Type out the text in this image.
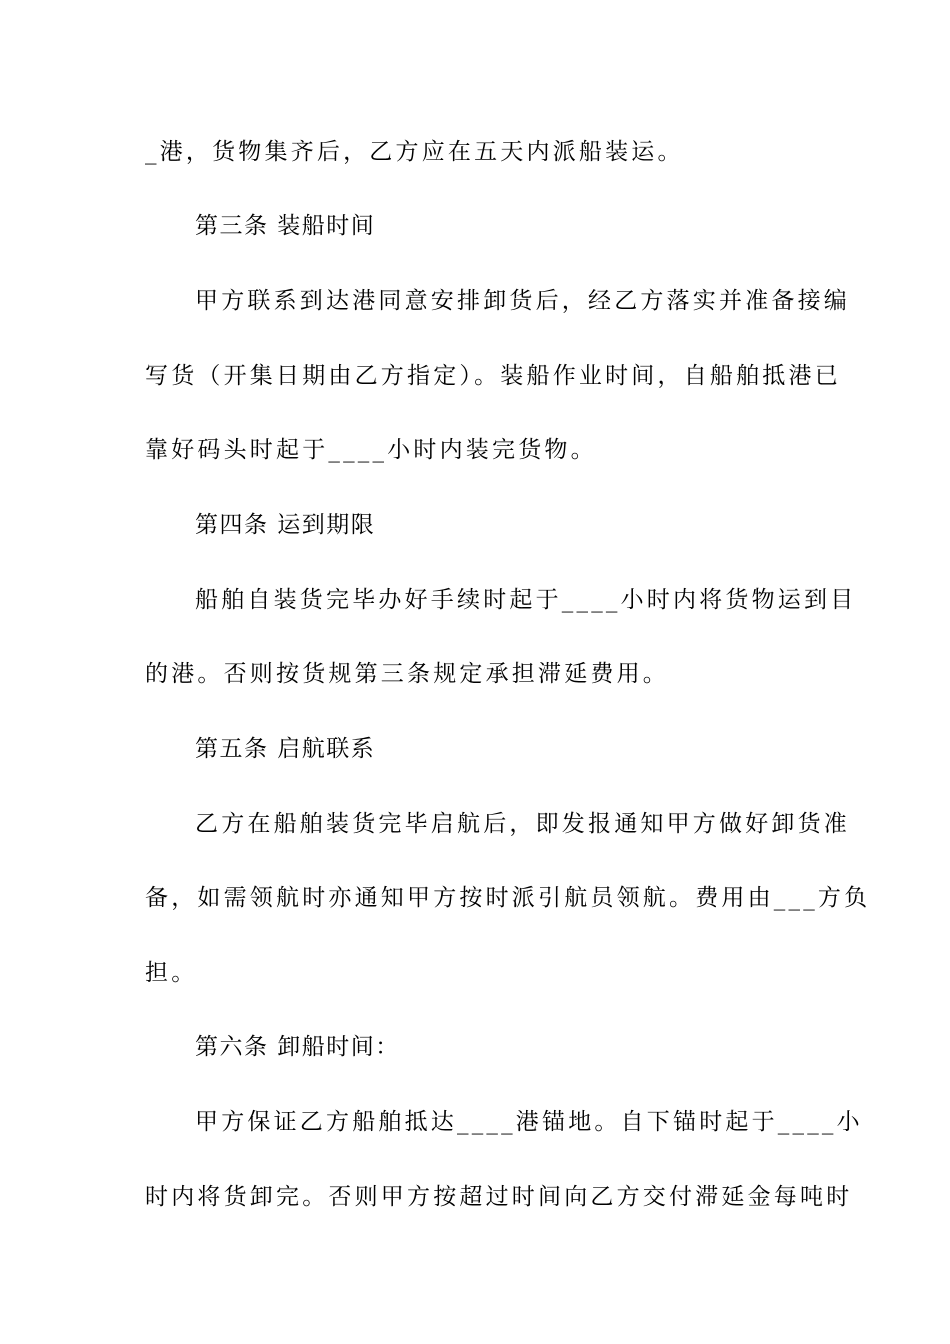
_港，货物集齐后，乙方应在五天内派船装运。
第三条 装船时间
甲方联系到达港同意安排卸货后，经乙方落实并准备接编
写货（开集日期由乙方指定）。装船作业时间，自船舶抵港已
靠好码头时起于____小时内装完货物。
第四条 运到期限
船舶自装货完毕办好手续时起于____小时内将货物运到目
的港。否则按货规第三条规定承担滞延费用。
第五条 启航联系
乙方在船舶装货完毕启航后，即发报通知甲方做好卸货准
备，如需领航时亦通知甲方按时派引航员领航。费用由___方负
担。
第六条 卸船时间：
甲方保证乙方船舶抵达____港锚地。自下锚时起于____小
时内将货卸完。否则甲方按超过时间向乙方交付滞延金每吨时
